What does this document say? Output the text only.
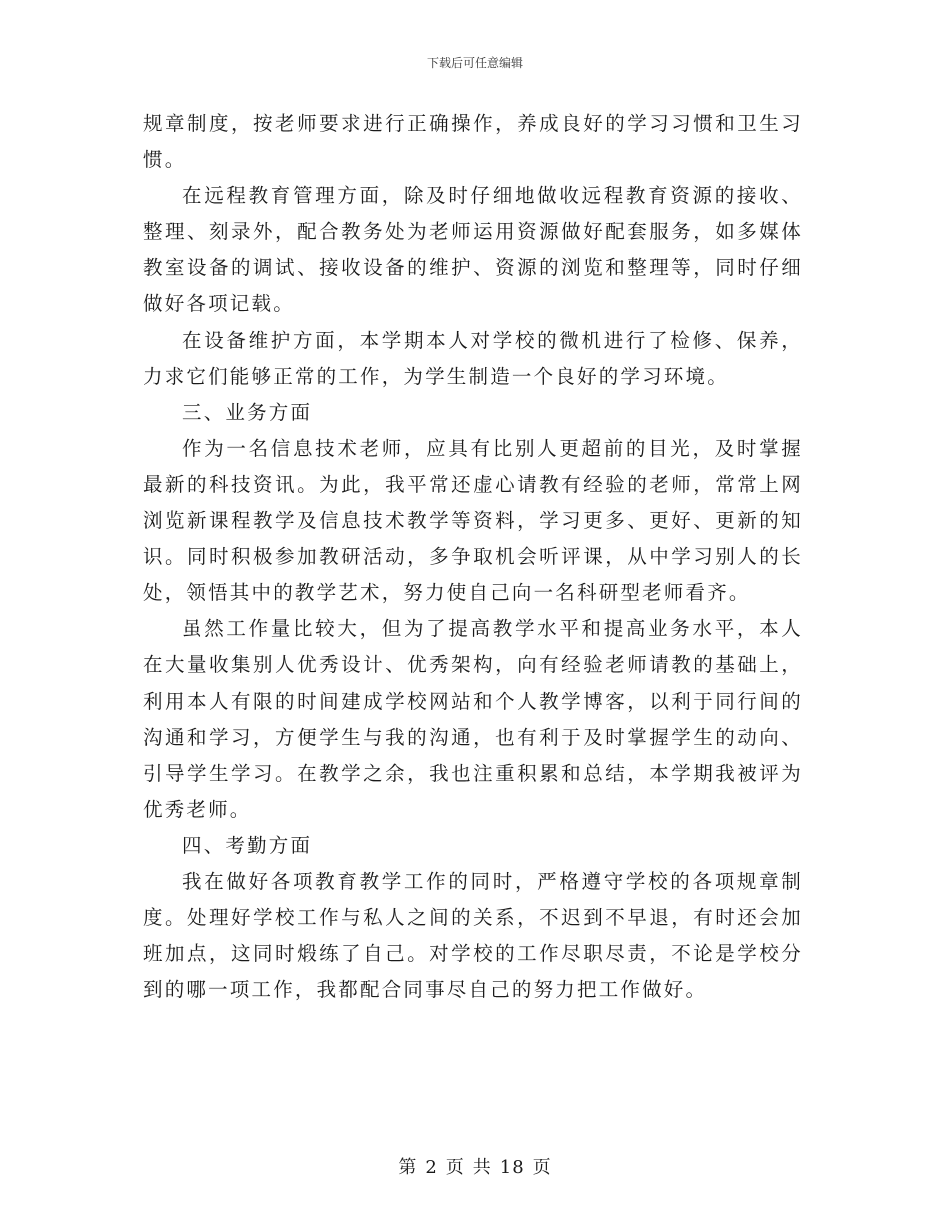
下载后可任意编辑

规章制度，按老师要求进行正确操作，养成良好的学习习惯和卫生习惯。

在远程教育管理方面，除及时仔细地做收远程教育资源的接收、整理、刻录外，配合教务处为老师运用资源做好配套服务，如多媒体教室设备的调试、接收设备的维护、资源的浏览和整理等，同时仔细做好各项记载。

在设备维护方面，本学期本人对学校的微机进行了检修、保养，力求它们能够正常的工作，为学生制造一个良好的学习环境。

三、业务方面

作为一名信息技术老师，应具有比别人更超前的目光，及时掌握最新的科技资讯。为此，我平常还虚心请教有经验的老师，常常上网浏览新课程教学及信息技术教学等资料，学习更多、更好、更新的知识。同时积极参加教研活动，多争取机会听评课，从中学习别人的长处，领悟其中的教学艺术，努力使自己向一名科研型老师看齐。

虽然工作量比较大，但为了提高教学水平和提高业务水平，本人在大量收集别人优秀设计、优秀架构，向有经验老师请教的基础上，利用本人有限的时间建成学校网站和个人教学博客，以利于同行间的沟通和学习，方便学生与我的沟通，也有利于及时掌握学生的动向、引导学生学习。在教学之余，我也注重积累和总结，本学期我被评为优秀老师。

四、考勤方面

我在做好各项教育教学工作的同时，严格遵守学校的各项规章制度。处理好学校工作与私人之间的关系，不迟到不早退，有时还会加班加点，这同时煅练了自己。对学校的工作尽职尽责，不论是学校分到的哪一项工作，我都配合同事尽自己的努力把工作做好。

第 2 页 共 18 页
